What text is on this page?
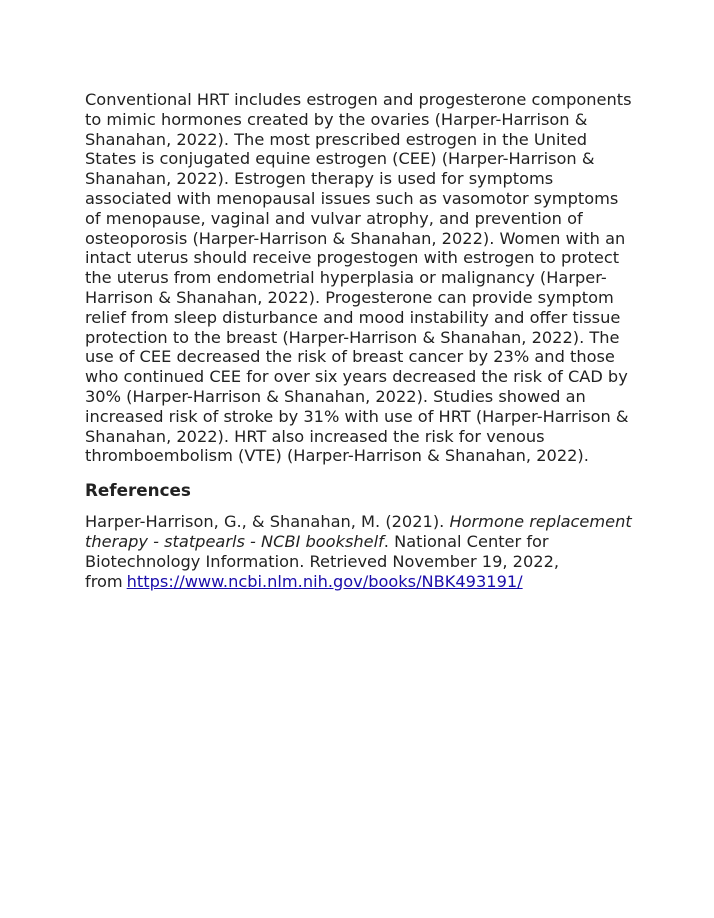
Conventional HRT includes estrogen and progesterone components to mimic hormones created by the ovaries (Harper-Harrison & Shanahan, 2022). The most prescribed estrogen in the United States is conjugated equine estrogen (CEE) (Harper-Harrison & Shanahan, 2022). Estrogen therapy is used for symptoms associated with menopausal issues such as vasomotor symptoms of menopause, vaginal and vulvar atrophy, and prevention of osteoporosis (Harper-Harrison & Shanahan, 2022). Women with an intact uterus should receive progestogen with estrogen to protect the uterus from endometrial hyperplasia or malignancy (Harper-Harrison & Shanahan, 2022). Progesterone can provide symptom relief from sleep disturbance and mood instability and offer tissue protection to the breast (Harper-Harrison & Shanahan, 2022). The use of CEE decreased the risk of breast cancer by 23% and those who continued CEE for over six years decreased the risk of CAD by 30% (Harper-Harrison & Shanahan, 2022). Studies showed an increased risk of stroke by 31% with use of HRT (Harper-Harrison & Shanahan, 2022). HRT also increased the risk for venous thromboembolism (VTE) (Harper-Harrison & Shanahan, 2022).

References

Harper-Harrison, G., & Shanahan, M. (2021). Hormone replacement therapy - statpearls - NCBI bookshelf. National Center for Biotechnology Information. Retrieved November 19, 2022, from https://www.ncbi.nlm.nih.gov/books/NBK493191/
